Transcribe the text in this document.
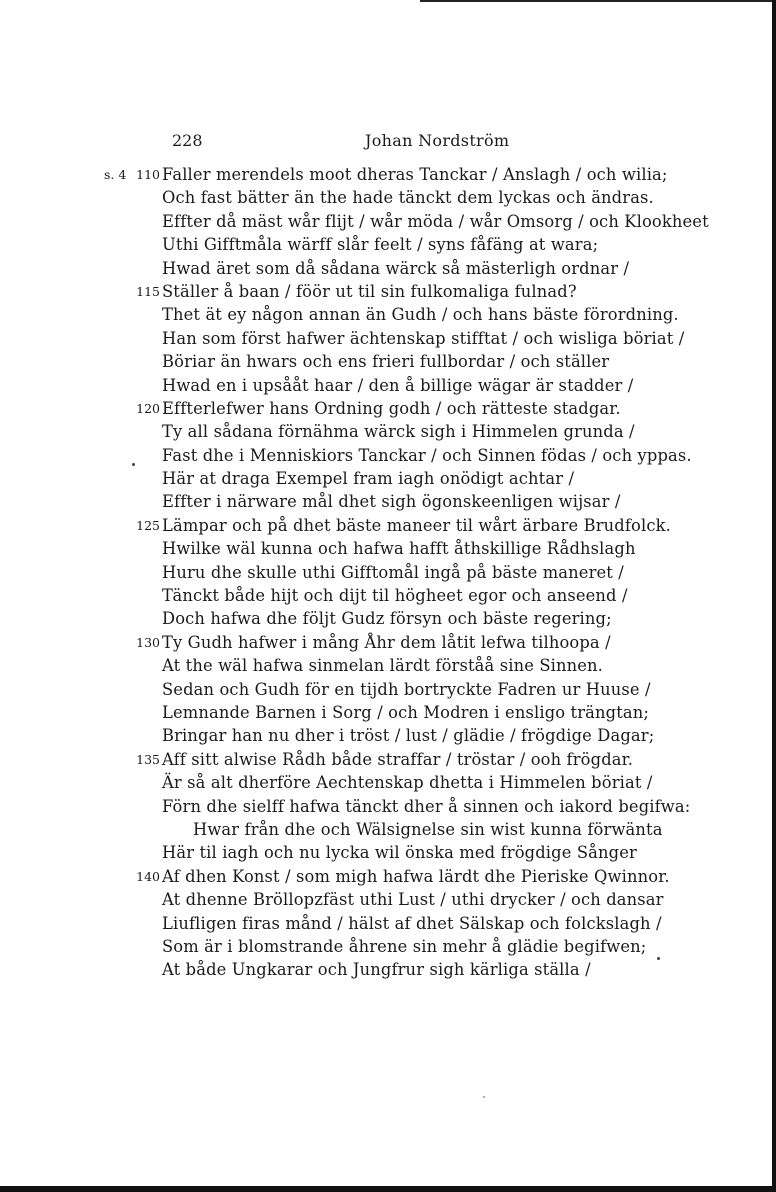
228	Johan Nordström
s. 4 110 Faller merendels moot dheras Tanckar / Anslagh / och wilia;
Och fast bätter än the hade tänckt dem lyckas och ändras.
Effter då mäst wår flijt / wår möda / wår Omsorg / och Klookheet
Uthi Gifftmåla wärff slår feelt / syns fåfäng at wara;
Hwad äret som då sådana wärck så mästerligh ordnar /
115 Ställer å baan / föör ut til sin fulkomaliga fulnad?
Thet ät ey någon annan än Gudh / och hans bäste förordning.
Han som först hafwer ächtenskap stifftat / och wisliga böriat /
Böriar än hwars och ens frieri fullbordar / och ställer
Hwad en i upsååt haar / den å billige wägar är stadder /
120 Effterlefwer hans Ordning godh / och rätteste stadgar.
Ty all sådana förnähma wärck sigh i Himmelen grunda /
Fast dhe i Menniskiors Tanckar / och Sinnen födas / och yppas.
Här at draga Exempel fram iagh onödigt achtar /
Effter i närware mål dhet sigh ögonskeenligen wijsar /
125 Lämpar och på dhet bäste maneer til wårt ärbare Brudfolck.
Hwilke wäl kunna och hafwa hafft åthskillige Rådhslagh
Huru dhe skulle uthi Gifftomål ingå på bäste maneret /
Tänckt både hijt och dijt til högheet egor och anseend /
Doch hafwa dhe följt Gudz försyn och bäste regering;
130 Ty Gudh hafwer i mång Åhr dem låtit lefwa tilhoopa /
At the wäl hafwa sinmelan lärdt förståå sine Sinnen.
Sedan och Gudh för en tijdh bortryckte Fadren ur Huuse /
Lemnande Barnen i Sorg / och Modren i ensligo trängtan;
Bringar han nu dher i tröst / lust / glädie / frögdige Dagar;
135 Aff sitt alwise Rådh både straffar / tröstar / ooh frögdar.
Är så alt dherföre Aechtenskap dhetta i Himmelen böriat /
Förn dhe sielff hafwa tänckt dher å sinnen och iakord begifwa:
Hwar från dhe och Wälsignelse sin wist kunna förwänta
Här til iagh och nu lycka wil önska med frögdige Sånger
140 Af dhen Konst / som migh hafwa lärdt dhe Pieriske Qwinnor.
At dhenne Bröllopzfäst uthi Lust / uthi drycker / och dansar
Liufligen firas månd / hälst af dhet Sälskap och folckslagh /
Som är i blomstrande åhrene sin mehr å glädie begifwen;
At både Ungkarar och Jungfrur sigh kärliga ställa /
